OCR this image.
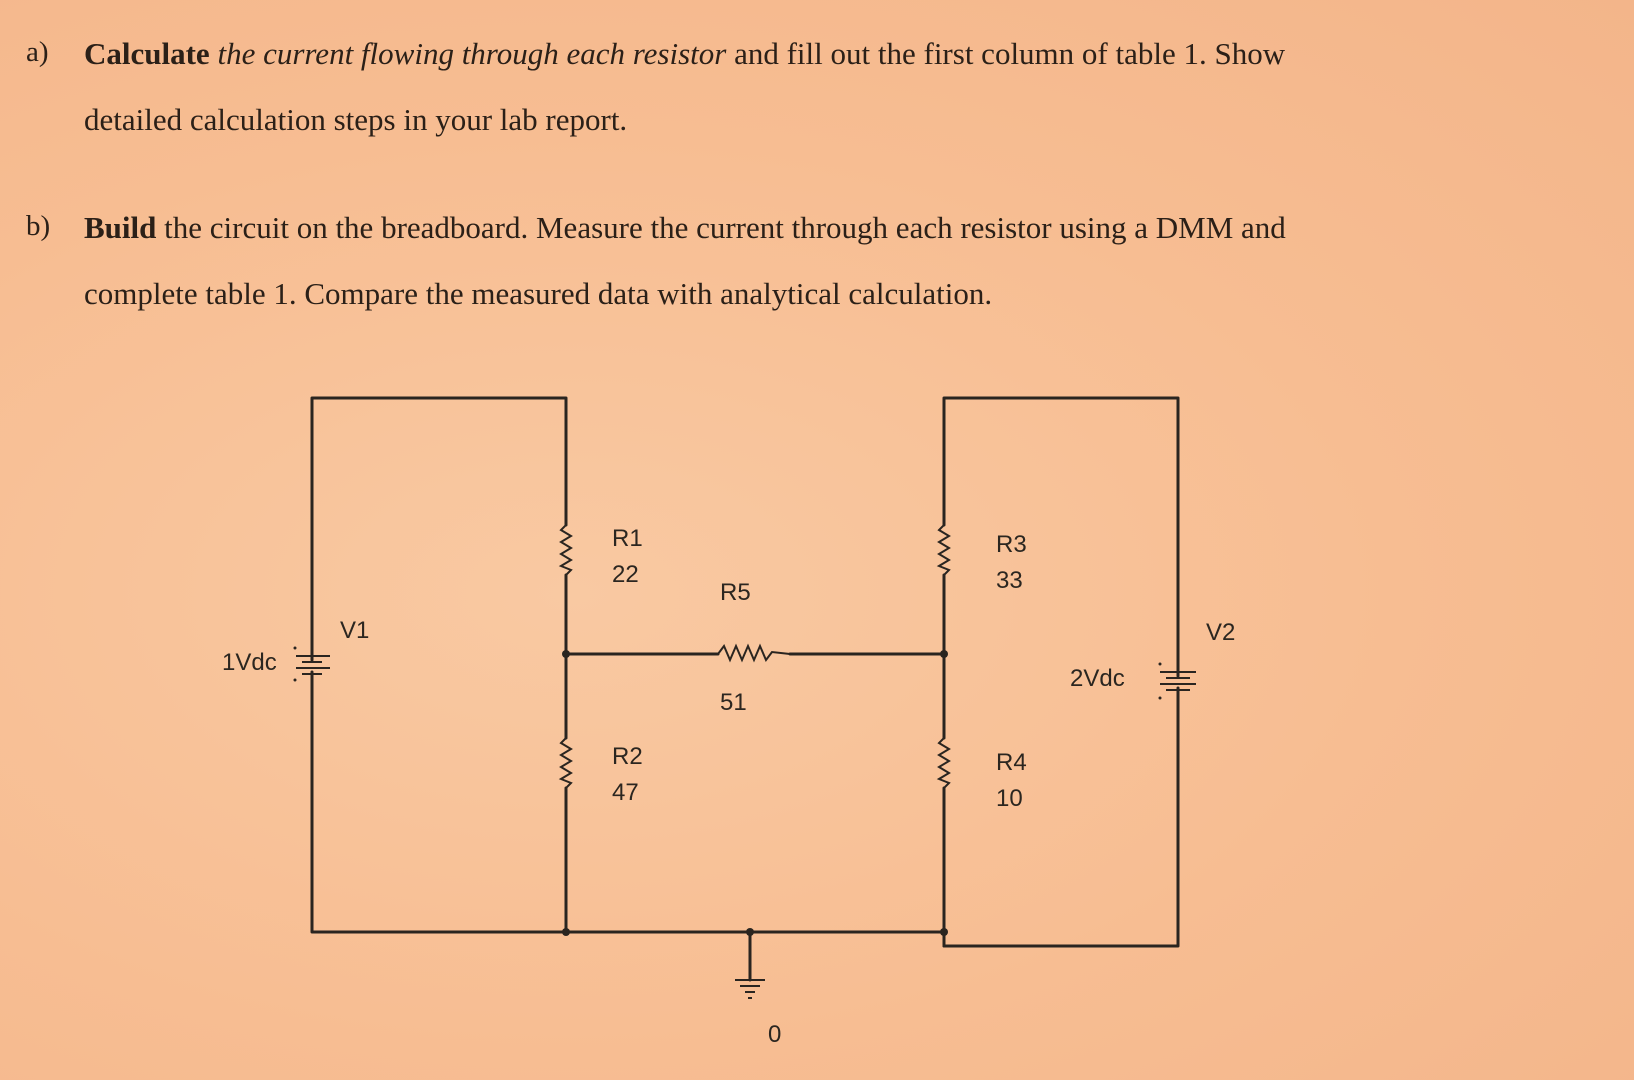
a) Calculate the current flowing through each resistor and fill out the first column of table 1. Show
detailed calculation steps in your lab report.
b) Build the circuit on the breadboard. Measure the current through each resistor using a DMM and
complete table 1. Compare the measured data with analytical calculation.
1Vdc
V1
2Vdc
V2
R1
22
R2
47
R3
33
R4
10
R5
51
0
